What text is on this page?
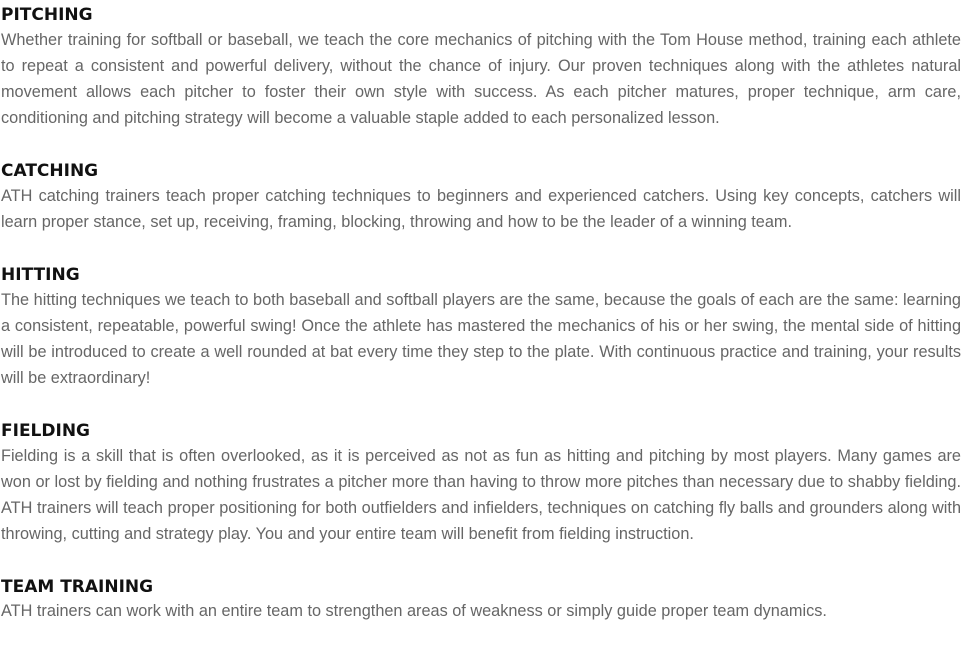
PITCHING

Whether training for softball or baseball, we teach the core mechanics of pitching with the Tom House method, training each athlete to repeat a consistent and powerful delivery, without the chance of injury. Our proven techniques along with the athletes natural movement allows each pitcher to foster their own style with success. As each pitcher matures, proper technique, arm care, conditioning and pitching strategy will become a valuable staple added to each personalized lesson.

CATCHING

ATH catching trainers teach proper catching techniques to beginners and experienced catchers. Using key concepts, catchers will learn proper stance, set up, receiving, framing, blocking, throwing and how to be the leader of a winning team.

HITTING

The hitting techniques we teach to both baseball and softball players are the same, because the goals of each are the same: learning a consistent, repeatable, powerful swing! Once the athlete has mastered the mechanics of his or her swing, the mental side of hitting will be introduced to create a well rounded at bat every time they step to the plate. With continuous practice and training, your results will be extraordinary!

FIELDING

Fielding is a skill that is often overlooked, as it is perceived as not as fun as hitting and pitching by most players. Many games are won or lost by fielding and nothing frustrates a pitcher more than having to throw more pitches than necessary due to shabby fielding. ATH trainers will teach proper positioning for both outfielders and infielders, techniques on catching fly balls and grounders along with throwing, cutting and strategy play. You and your entire team will benefit from fielding instruction.

TEAM TRAINING

ATH trainers can work with an entire team to strengthen areas of weakness or simply guide proper team dynamics.
